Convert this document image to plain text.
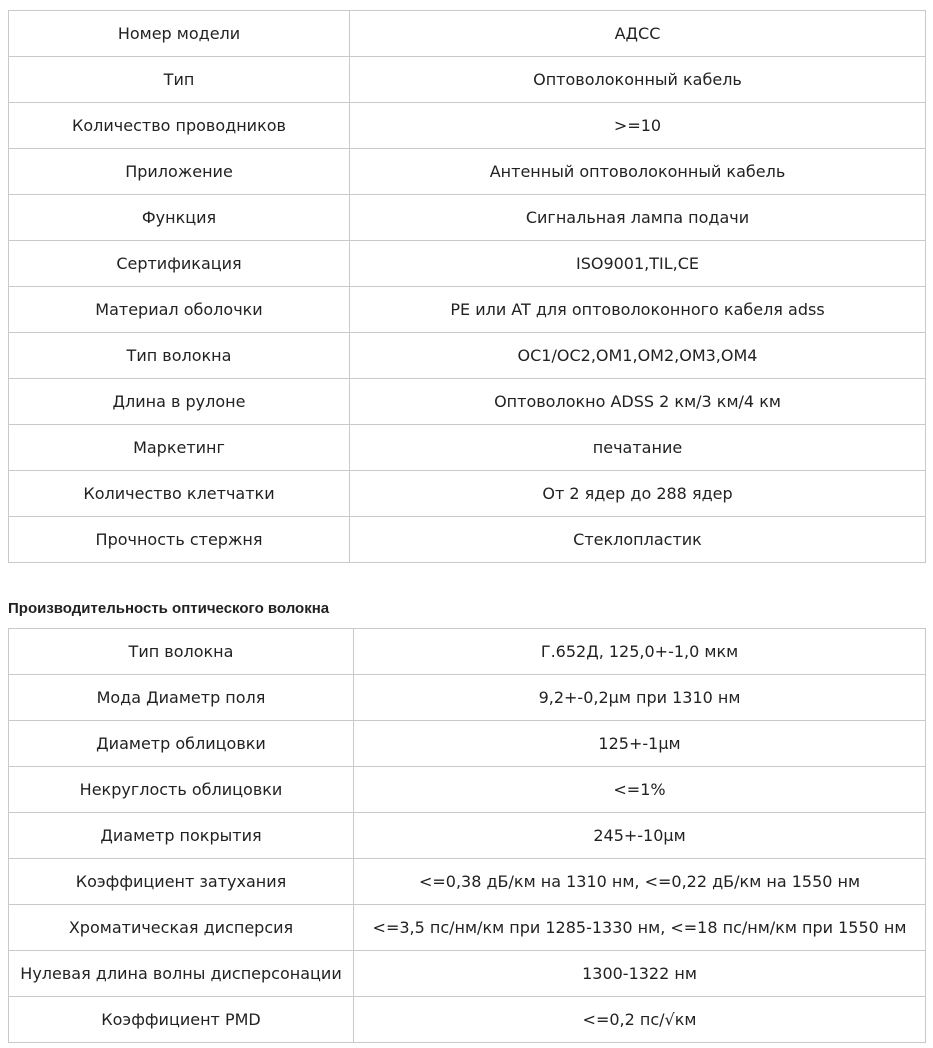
Номер модели	АДСС
Тип	Оптоволоконный кабель
Количество проводников	>=10
Приложение	Антенный оптоволоконный кабель
Функция	Сигнальная лампа подачи
Сертификация	ISO9001,TIL,CE
Материал оболочки	PE или AT для оптоволоконного кабеля adss
Тип волокна	OC1/OC2,OM1,OM2,OM3,OM4
Длина в рулоне	Оптоволокно ADSS 2 км/3 км/4 км
Маркетинг	печатание
Количество клетчатки	От 2 ядер до 288 ядер
Прочность стержня	Стеклопластик
Производительность оптического волокна
Тип волокна	Г.652Д, 125,0+-1,0 мкм
Мода Диаметр поля	9,2+-0,2μм при 1310 нм
Диаметр облицовки	125+-1μм
Некруглость облицовки	<=1%
Диаметр покрытия	245+-10μм
Коэффициент затухания	<=0,38 дБ/км на 1310 нм, <=0,22 дБ/км на 1550 нм
Хроматическая дисперсия	<=3,5 пс/нм/км при 1285-1330 нм, <=18 пс/нм/км при 1550 нм
Нулевая длина волны дисперсонации	1300-1322 нм
Коэффициент PMD	<=0,2 пс/√км
